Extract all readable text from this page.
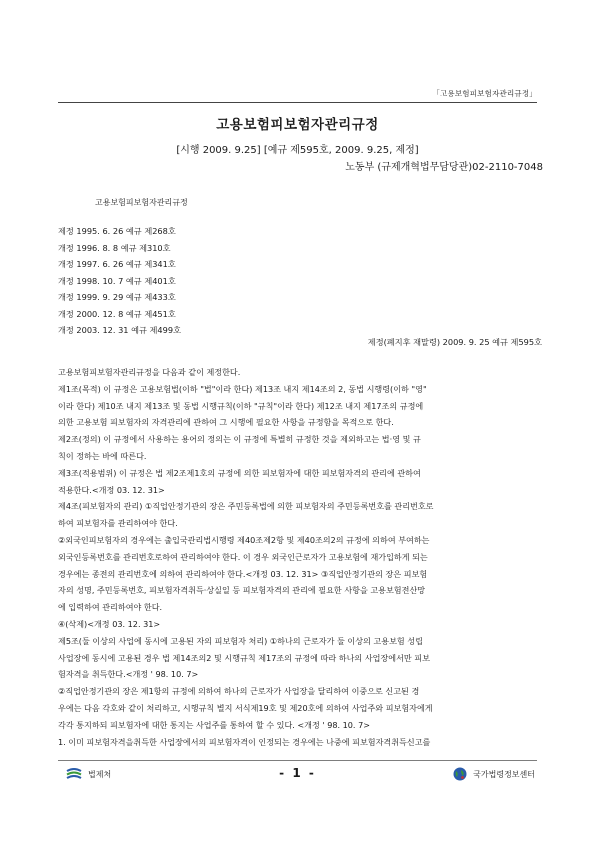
「고용보험피보험자관리규정」
고용보험피보험자관리규정
[시행 2009. 9.25] [예규 제595호, 2009. 9.25, 제정]
노동부 (규제개혁법무담당관)02-2110-7048
고용보험피보험자관리규정
제정 1995. 6. 26 예규 제268호
개정 1996. 8. 8 예규 제310호
개정 1997. 6. 26 예규 제341호
개정 1998. 10. 7 예규 제401호
개정 1999. 9. 29 예규 제433호
개정 2000. 12. 8 예규 제451호
개정 2003. 12. 31 예규 제499호
제정(폐지후 재말령) 2009. 9. 25 예규 제595호

고용보험피보험자관리규정을 다음과 같이 제정한다.

제1조(목적) 이 규정은 고용보험법(이하 "법"이라 한다) 제13조 내지 제14조의 2, 동법 시행령(이하 "영"

이라 한다) 제10조 내지 제13조 및 동법 시행규칙(이하 "규칙"이라 한다) 제12조 내지 제17조의 규정에

의한 고용보험 피보험자의 자격관리에 관하여 그 시행에 필요한 사항을 규정함을 목적으로 한다.

제2조(정의) 이 규정에서 사용하는 용어의 정의는 이 규정에 특별히 규정한 것을 제외하고는 법·영 및 규

칙이 정하는 바에 따른다.

제3조(적용범위) 이 규정은 법 제2조제1호의 규정에 의한 피보험자에 대한 피보험자격의 관리에 관하여

적용한다.<개정 03. 12. 31>

제4조(피보험자의 관리) ①직업안정기관의 장은 주민등록법에 의한 피보험자의 주민등록번호를 관리번호로

하여 피보험자를 관리하여야 한다.

②외국인피보험자의 경우에는 출입국관리법시행령 제40조제2항 및 제40조의2의 규정에 의하여 부여하는

외국인등록번호를 관리번호로하여 관리하여야 한다. 이 경우 외국인근로자가 고용보험에 재가입하게 되는

경우에는 종전의 관리번호에 의하여 관리하여야 한다.<개정 03. 12. 31> ③직업안정기관의 장은 피보험

자의 성명, 주민등록번호, 피보험자격취득·상실일 등 피보험자격의 관리에 필요한 사항을 고용보험전산망

에 입력하여 관리하여야 한다.

④(삭제)<개정 03. 12. 31>

제5조(둘 이상의 사업에 동시에 고용된 자의 피보험자 처리) ①하나의 근로자가 둘 이상의 고용보험 성립

사업장에 동시에 고용된 경우 법 제14조의2 및 시행규칙 제17조의 규정에 따라 하나의 사업장에서만 피보

험자격을 취득한다.<개정 ' 98. 10. 7>

②직업안정기관의 장은 제1항의 규정에 의하여 하나의 근로자가 사업장을 달리하여 이중으로 신고된 경

우에는 다음 각호와 같이 처리하고, 시행규칙 별지 서식제19호 및 제20호에 의하여 사업주와 피보험자에게

각각 통지하되 피보험자에 대한 통지는 사업주를 통하여 할 수 있다. <개정 ' 98. 10. 7>

1. 이미 피보험자격을취득한 사업장에서의 피보험자격이 인정되는 경우에는 나중에 피보험자격취득신고를

법제처	- 1 -	국가법령정보센터
